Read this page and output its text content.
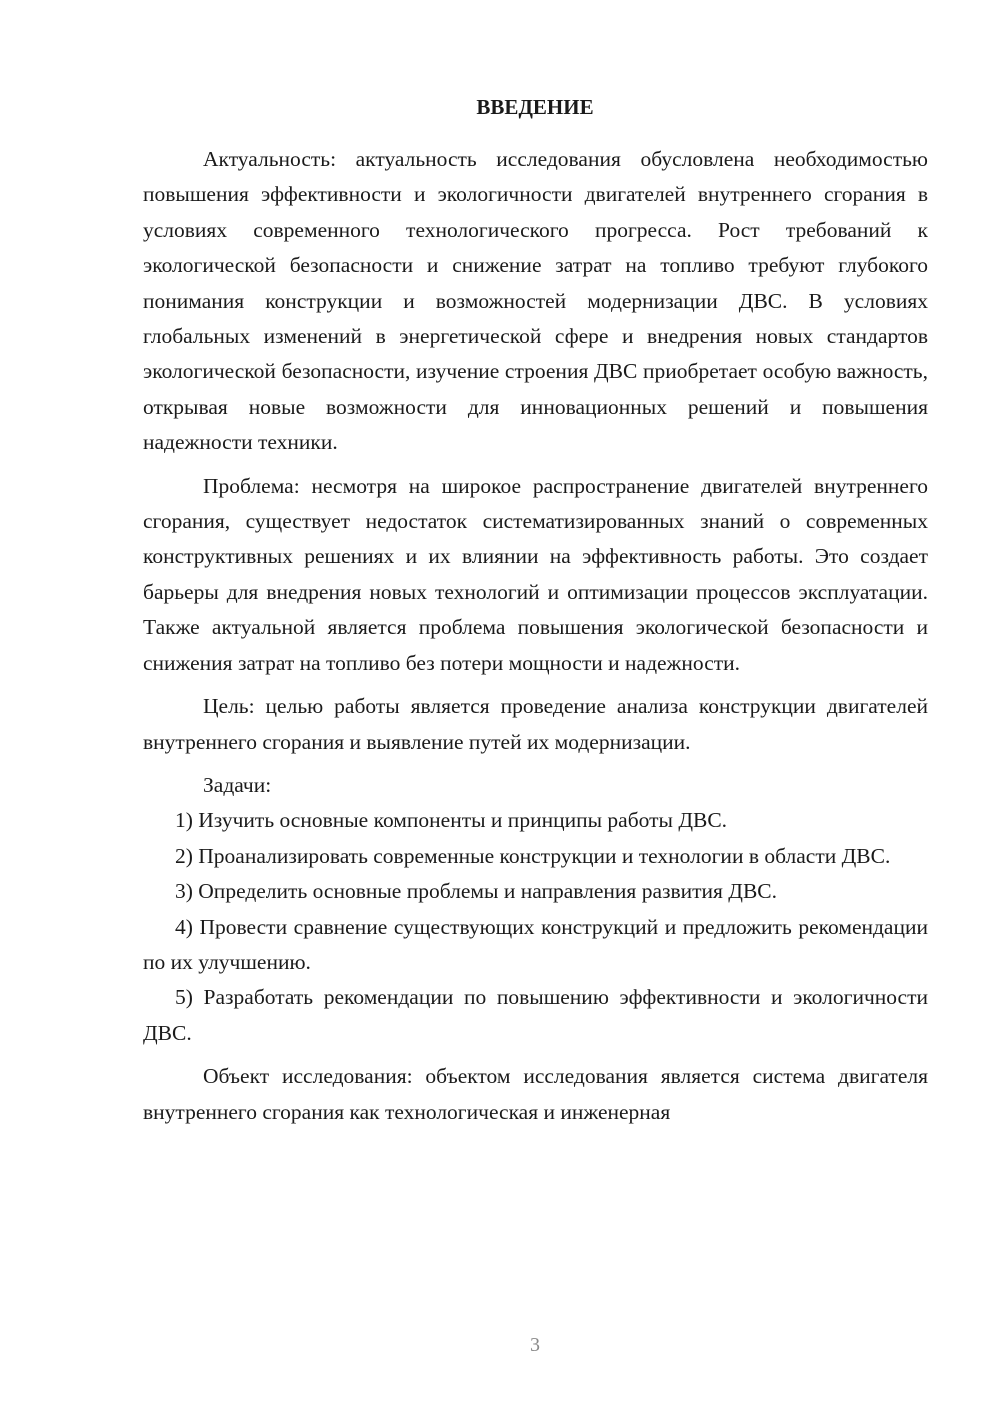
ВВЕДЕНИЕ

Актуальность: актуальность исследования обусловлена необходимостью повышения эффективности и экологичности двигателей внутреннего сгорания в условиях современного технологического прогресса. Рост требований к экологической безопасности и снижение затрат на топливо требуют глубокого понимания конструкции и возможностей модернизации ДВС. В условиях глобальных изменений в энергетической сфере и внедрения новых стандартов экологической безопасности, изучение строения ДВС приобретает особую важность, открывая новые возможности для инновационных решений и повышения надежности техники.

Проблема: несмотря на широкое распространение двигателей внутреннего сгорания, существует недостаток систематизированных знаний о современных конструктивных решениях и их влиянии на эффективность работы. Это создает барьеры для внедрения новых технологий и оптимизации процессов эксплуатации. Также актуальной является проблема повышения экологической безопасности и снижения затрат на топливо без потери мощности и надежности.

Цель: целью работы является проведение анализа конструкции двигателей внутреннего сгорания и выявление путей их модернизации.

Задачи:

1) Изучить основные компоненты и принципы работы ДВС.

2) Проанализировать современные конструкции и технологии в области ДВС.

3) Определить основные проблемы и направления развития ДВС.

4) Провести сравнение существующих конструкций и предложить рекомендации по их улучшению.

5) Разработать рекомендации по повышению эффективности и экологичности ДВС.

Объект исследования: объектом исследования является система двигателя внутреннего сгорания как технологическая и инженерная

3
